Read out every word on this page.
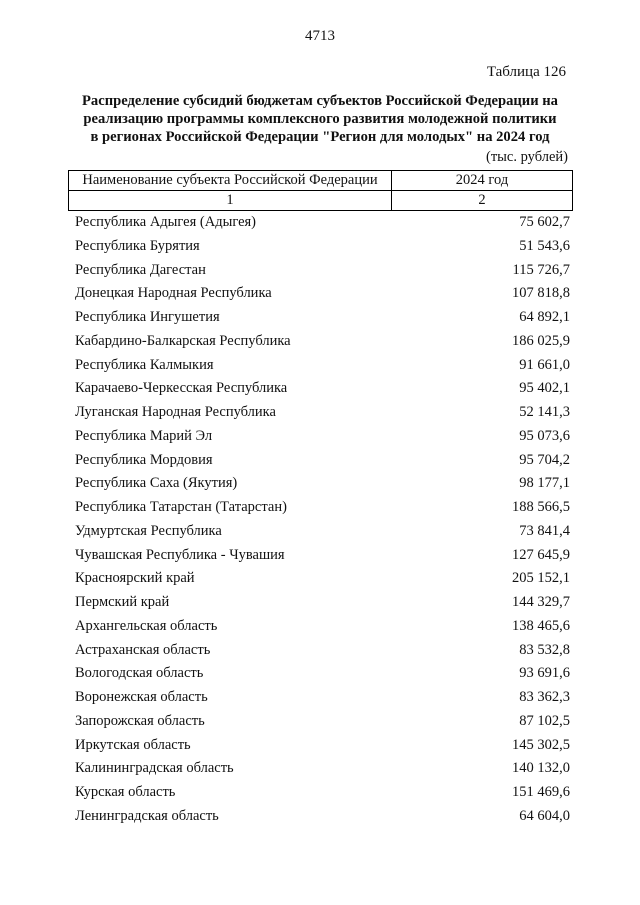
4713
Таблица 126
Распределение субсидий бюджетам субъектов Российской Федерации на
реализацию программы комплексного развития молодежной политики
в регионах Российской Федерации "Регион для молодых" на 2024 год
(тыс. рублей)
Наименование субъекта Российской Федерации	2024 год
1	2
Республика Адыгея (Адыгея)	75 602,7
Республика Бурятия	51 543,6
Республика Дагестан	115 726,7
Донецкая Народная Республика	107 818,8
Республика Ингушетия	64 892,1
Кабардино-Балкарская Республика	186 025,9
Республика Калмыкия	91 661,0
Карачаево-Черкесская Республика	95 402,1
Луганская Народная Республика	52 141,3
Республика Марий Эл	95 073,6
Республика Мордовия	95 704,2
Республика Саха (Якутия)	98 177,1
Республика Татарстан (Татарстан)	188 566,5
Удмуртская Республика	73 841,4
Чувашская Республика - Чувашия	127 645,9
Красноярский край	205 152,1
Пермский край	144 329,7
Архангельская область	138 465,6
Астраханская область	83 532,8
Вологодская область	93 691,6
Воронежская область	83 362,3
Запорожская область	87 102,5
Иркутская область	145 302,5
Калининградская область	140 132,0
Курская область	151 469,6
Ленинградская область	64 604,0
